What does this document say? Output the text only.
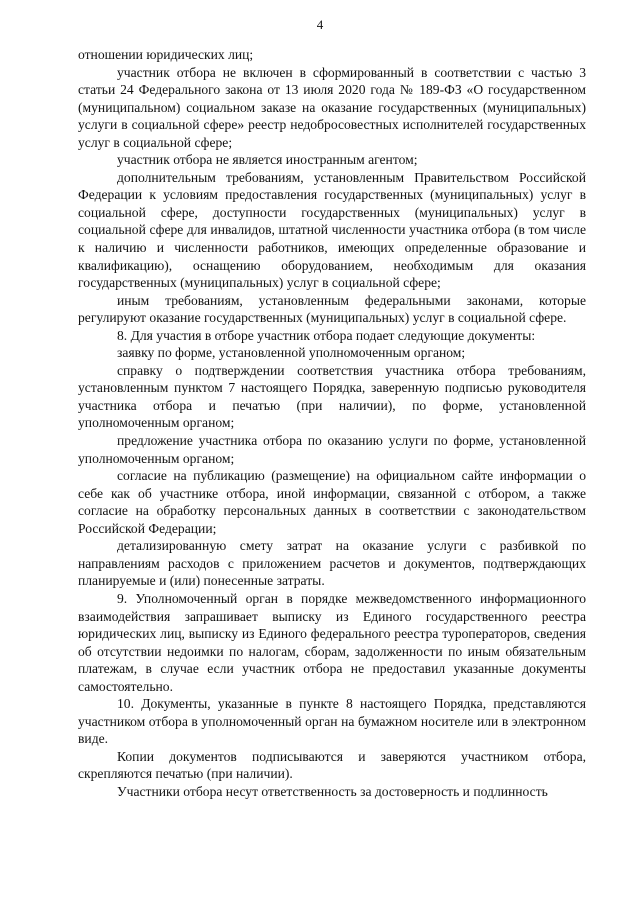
4

отношении юридических лиц;

участник отбора не включен в сформированный в соответствии с частью 3 статьи 24 Федерального закона от 13 июля 2020 года № 189-ФЗ «О государственном (муниципальном) социальном заказе на оказание государственных (муниципальных) услуги в социальной сфере» реестр недобросовестных исполнителей государственных услуг в социальной сфере;

участник отбора не является иностранным агентом;

дополнительным требованиям, установленным Правительством Российской Федерации к условиям предоставления государственных (муниципальных) услуг в социальной сфере, доступности государственных (муниципальных) услуг в социальной сфере для инвалидов, штатной численности участника отбора (в том числе к наличию и численности работников, имеющих определенные образование и квалификацию), оснащению оборудованием, необходимым для оказания государственных (муниципальных) услуг в социальной сфере;

иным требованиям, установленным федеральными законами, которые регулируют оказание государственных (муниципальных) услуг в социальной сфере.

8. Для участия в отборе участник отбора подает следующие документы:

заявку по форме, установленной уполномоченным органом;

справку о подтверждении соответствия участника отбора требованиям, установленным пунктом 7 настоящего Порядка, заверенную подписью руководителя участника отбора и печатью (при наличии), по форме, установленной уполномоченным органом;

предложение участника отбора по оказанию услуги по форме, установленной уполномоченным органом;

согласие на публикацию (размещение) на официальном сайте информации о себе как об участнике отбора, иной информации, связанной с отбором, а также согласие на обработку персональных данных в соответствии с законодательством Российской Федерации;

детализированную смету затрат на оказание услуги с разбивкой по направлениям расходов с приложением расчетов и документов, подтверждающих планируемые и (или) понесенные затраты.

9. Уполномоченный орган в порядке межведомственного информационного взаимодействия запрашивает выписку из Единого государственного реестра юридических лиц, выписку из Единого федерального реестра туроператоров, сведения об отсутствии недоимки по налогам, сборам, задолженности по иным обязательным платежам, в случае если участник отбора не предоставил указанные документы самостоятельно.

10. Документы, указанные в пункте 8 настоящего Порядка, представляются участником отбора в уполномоченный орган на бумажном носителе или в электронном виде.

Копии документов подписываются и заверяются участником отбора, скрепляются печатью (при наличии).

Участники отбора несут ответственность за достоверность и подлинность
